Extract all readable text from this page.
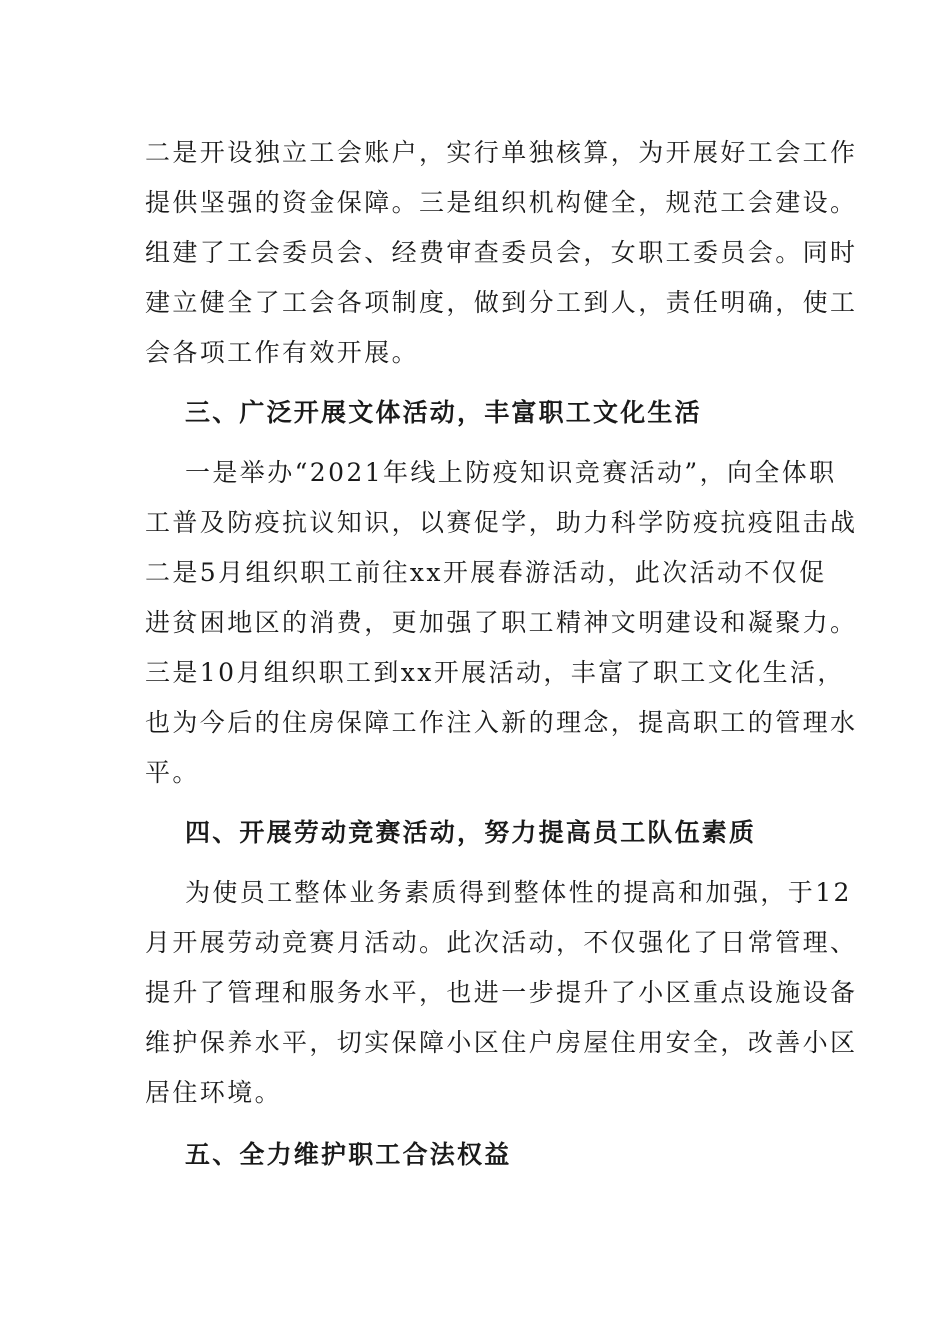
二是开设独立工会账户，实行单独核算，为开展好工会工作
提供坚强的资金保障。三是组织机构健全，规范工会建设。
组建了工会委员会、经费审查委员会，女职工委员会。同时
建立健全了工会各项制度，做到分工到人，责任明确，使工
会各项工作有效开展。
三、广泛开展文体活动，丰富职工文化生活
一是举办“2021年线上防疫知识竞赛活动”，向全体职
工普及防疫抗议知识，以赛促学，助力科学防疫抗疫阻击战
二是5月组织职工前往xx开展春游活动，此次活动不仅促
进贫困地区的消费，更加强了职工精神文明建设和凝聚力。
三是10月组织职工到xx开展活动，丰富了职工文化生活，
也为今后的住房保障工作注入新的理念，提高职工的管理水
平。
四、开展劳动竞赛活动，努力提高员工队伍素质
为使员工整体业务素质得到整体性的提高和加强，于12
月开展劳动竞赛月活动。此次活动，不仅强化了日常管理、
提升了管理和服务水平，也进一步提升了小区重点设施设备
维护保养水平，切实保障小区住户房屋住用安全，改善小区
居住环境。
五、全力维护职工合法权益
